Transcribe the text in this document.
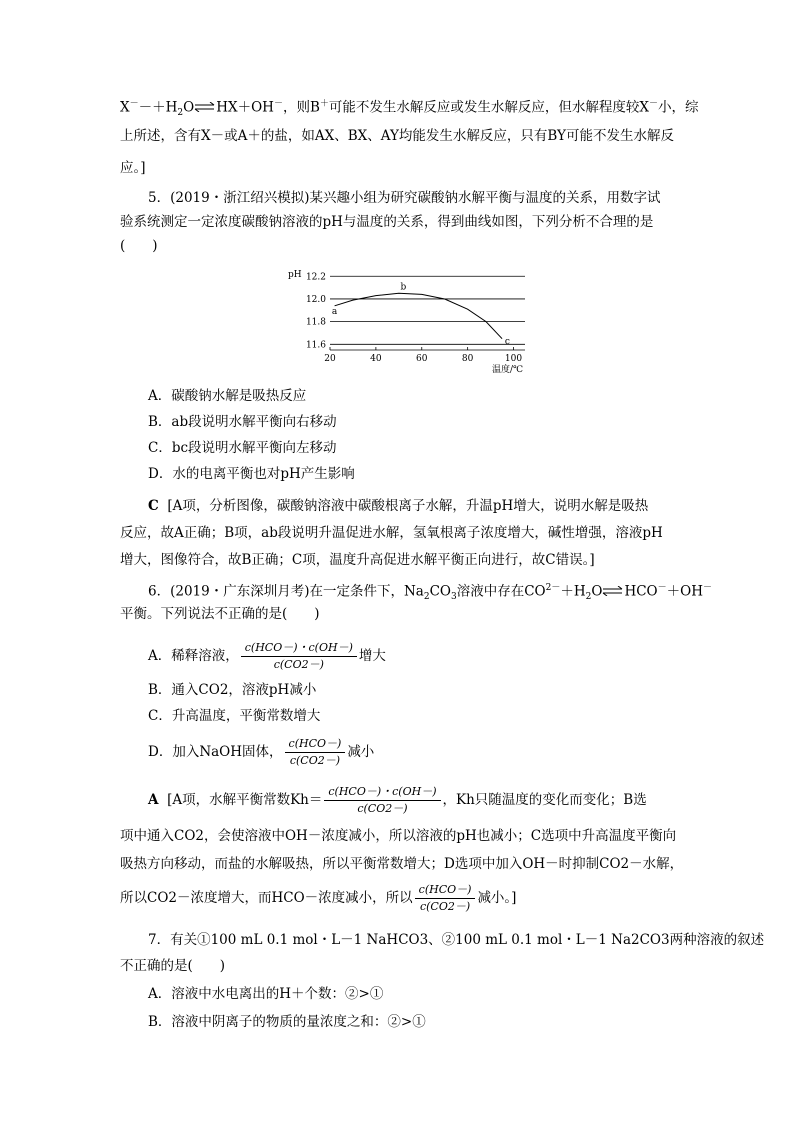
$X^--+H_2O\rightleftharpoons HX+OH^-$，则B＋可能不发生水解反应或发生水解反应，但水解程度较X－小，综
上所述，含有X－或A＋的盐，如AX、BX、AY均能发生水解反应，只有BY可能不发生水解反
应。]
5．(2019・浙江绍兴模拟)某兴趣小组为研究碳酸钠水解平衡与温度的关系，用数字试
验系统测定一定浓度碳酸钠溶液的pH与温度的关系，得到曲线如图，下列分析不合理的是
(　　)
12.2
12.0
11.8
11.6
20	40	60	80	100
pH
温度/℃
a
b
c
A．碳酸钠水解是吸热反应
B．ab段说明水解平衡向右移动
C．bc段说明水解平衡向左移动
D．水的电离平衡也对pH产生影响
C [A项，分析图像，碳酸钠溶液中碳酸根离子水解，升温pH增大，说明水解是吸热
反应，故A正确；B项，ab段说明升温促进水解，氢氧根离子浓度增大，碱性增强，溶液pH
增大，图像符合，故B正确；C项，温度升高促进水解平衡正向进行，故C错误。]
6．(2019・广东深圳月考)在一定条件下，$Na_2CO_3$溶液中存在$CO^{2-}+H_2O\rightleftharpoons HCO^-+OH^-$
平衡。下列说法不正确的是(　　)
A．稀释溶液， $\frac{\text{c(HCO－)・c(OH－)}}{c(CO2-)}$ 增大
B．通入CO2，溶液pH减小
C．升高温度，平衡常数增大
D．加入NaOH固体， $\frac{\text{c(HCO－)}}{c(CO2-)}$ 减小
A [A项，水解平衡常数$Kh= \frac{\text{c(HCO－)・c(OH－)}}{c(CO2-)}$ ，Kh只随温度的变化而变化；B选
项中通入CO2，会使溶液中OH－浓度减小，所以溶液的pH也减小；C选项中升高温度平衡向
吸热方向移动，而盐的水解吸热，所以平衡常数增大；D选项中加入OH－时抑制CO2－水解，
所以CO2－浓度增大，而HCO－浓度减小，所以 $\frac{\text{c(HCO－)}}{c(CO2-)}$ 减小。]
7．有关①100 mL 0.1 mol・L－1 NaHCO3、②100 mL 0.1 mol・L－1 Na2CO3两种溶液的叙述
不正确的是(　　)
A．溶液中水电离出的H＋个数：②>①
B．溶液中阴离子的物质的量浓度之和：②>①
